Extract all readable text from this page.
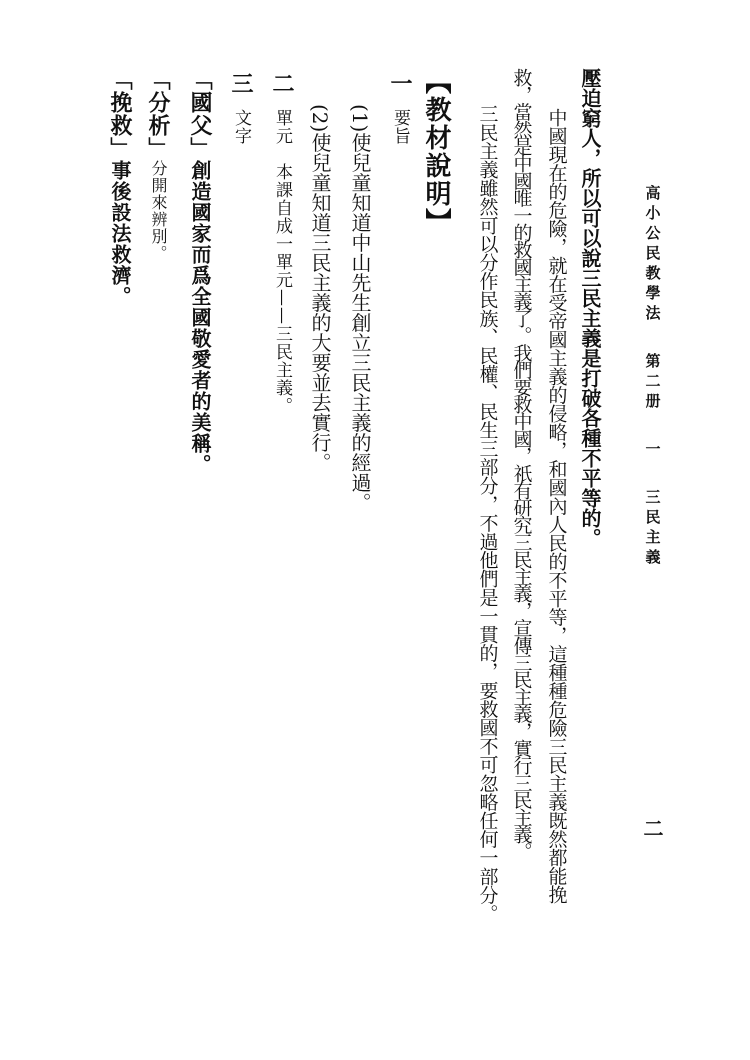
高小公民教學法第二册一三民主義
二
壓迫窮人，所以可以說三民主義是打破各種不平等的。
中國現在的危險，就在受帝國主義的侵略，和國內人民的不平等，這種種危險三民主義既然都能挽
救，當然是中國唯一的救國主義了。我們要救中國，祇有研究三民主義，宣傳三民主義，實行三民主義。
三民主義雖然可以分作民族、民權、民生三部分，不過他們是一貫的，要救國不可忽略任何一部分。
【教材說明】
一要旨
(1)使兒童知道中山先生創立三民主義的經過。
(2)使兒童知道三民主義的大要並去實行。
二單元本課自成一單元——三民主義。
三文字
「國父」創造國家而爲全國敬愛者的美稱。
「分析」分開來辨別。
「挽救」事後設法救濟。
